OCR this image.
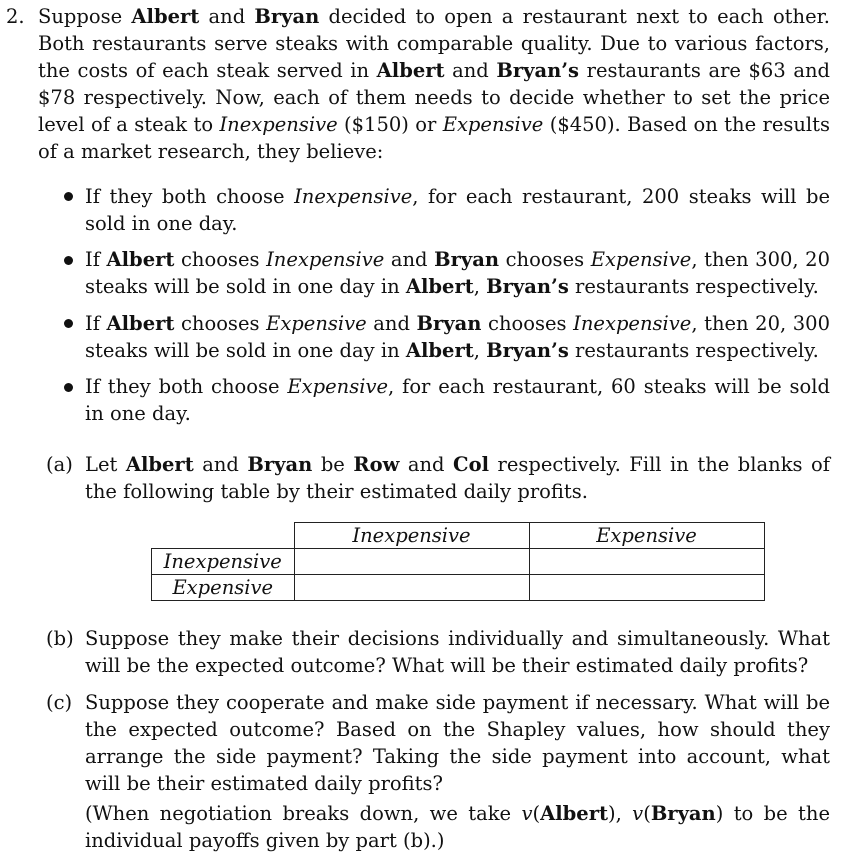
2. Suppose Albert and Bryan decided to open a restaurant next to each other. Both restaurants serve steaks with comparable quality. Due to various factors, the costs of each steak served in Albert and Bryan’s restaurants are $63 and $78 respectively. Now, each of them needs to decide whether to set the price level of a steak to Inexpensive ($150) or Expensive ($450). Based on the results of a market research, they believe:

If they both choose Inexpensive, for each restaurant, 200 steaks will be sold in one day.

If Albert chooses Inexpensive and Bryan chooses Expensive, then 300, 20 steaks will be sold in one day in Albert, Bryan’s restaurants respectively.

If Albert chooses Expensive and Bryan chooses Inexpensive, then 20, 300 steaks will be sold in one day in Albert, Bryan’s restaurants respectively.

If they both choose Expensive, for each restaurant, 60 steaks will be sold in one day.

(a) Let Albert and Bryan be Row and Col respectively. Fill in the blanks of the following table by their estimated daily profits.

	Inexpensive	Expensive
Inexpensive		
Expensive		
(b) Suppose they make their decisions individually and simultaneously. What will be the expected outcome? What will be their estimated daily profits?

(c) Suppose they cooperate and make side payment if necessary. What will be the expected outcome? Based on the Shapley values, how should they arrange the side payment? Taking the side payment into account, what will be their estimated daily profits?

(When negotiation breaks down, we take v(Albert), v(Bryan) to be the individual payoffs given by part (b).)
